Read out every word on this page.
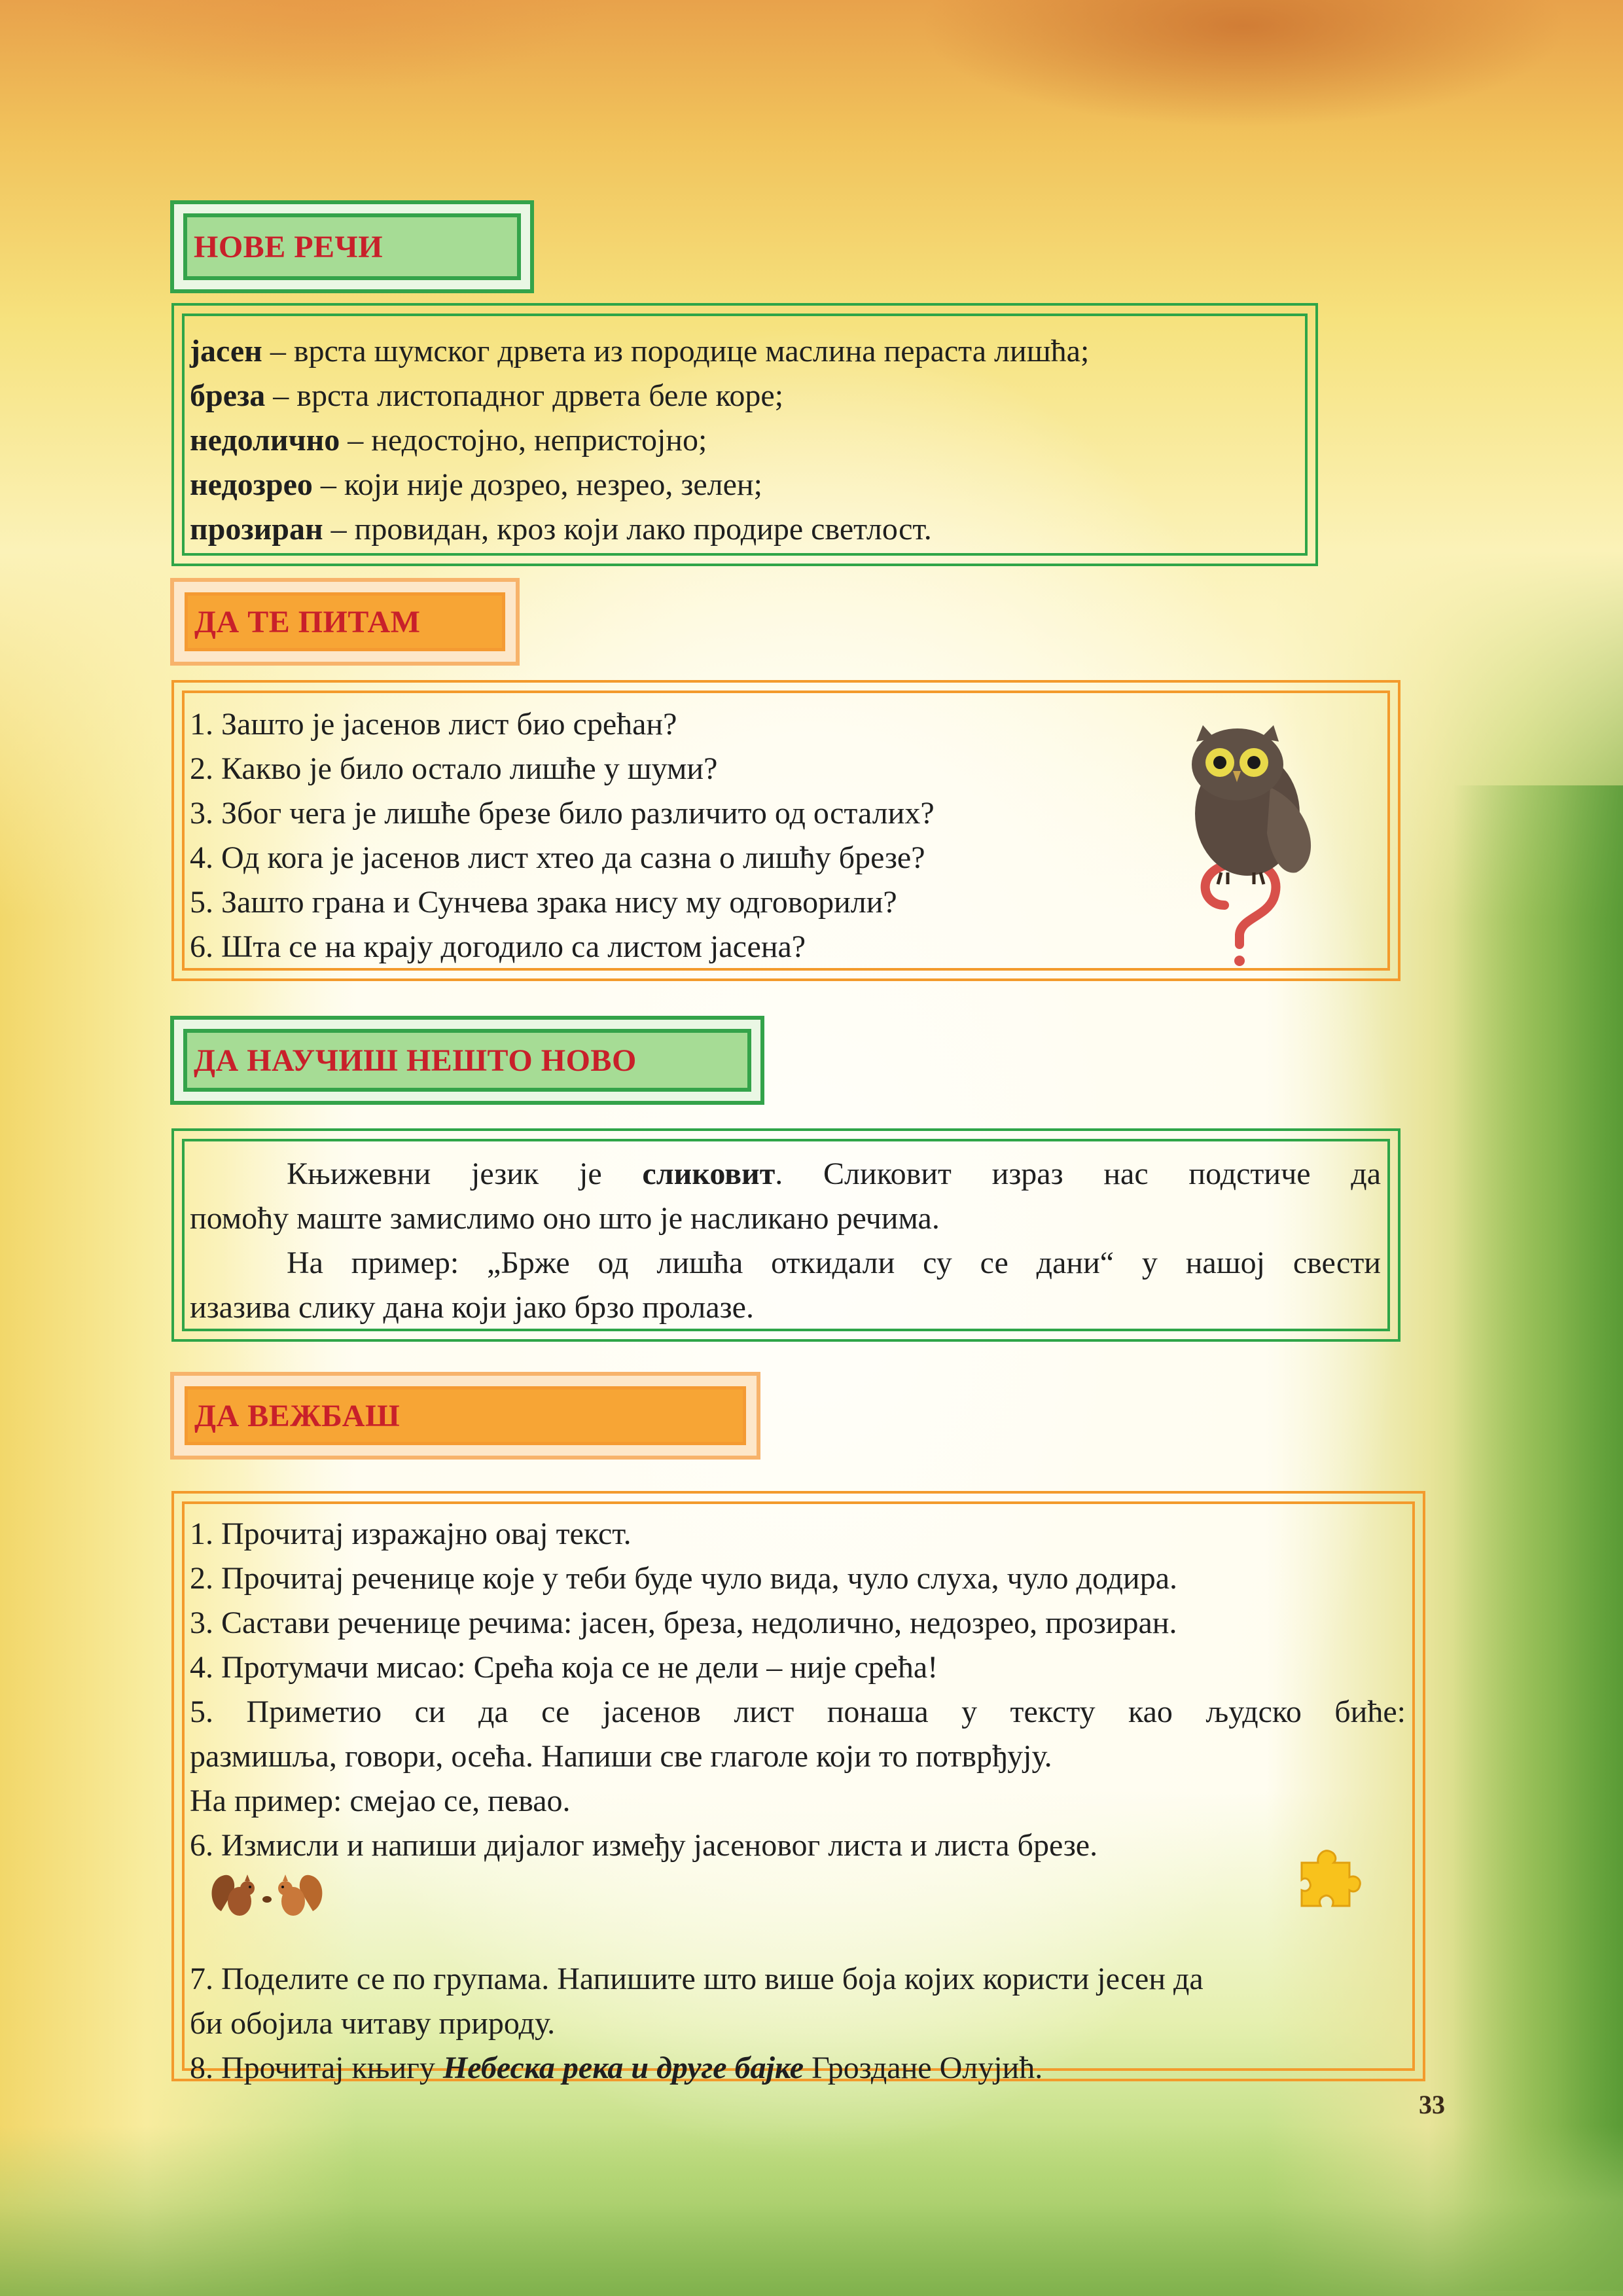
НОВЕ РЕЧИ
јасен – врста шумског дрвета из породице маслина пераста лишћа;
бреза – врста листопадног дрвета беле коре;
недолично – недостојно, непристојно;
недозрео – који није дозрео, незрео, зелен;
прозиран – провидан, кроз који лако продире светлост.
ДА ТЕ ПИТАМ
1. Зашто је јасенов лист био срећан?
2. Какво је било остало лишће у шуми?
3. Због чега је лишће брезе било различито од осталих?
4. Од кога је јасенов лист хтео да сазна о лишћу брезе?
5. Зашто грана и Сунчева зрака нису му одговорили?
6. Шта се на крају догодило са листом јасена?
ДА НАУЧИШ НЕШТО НОВО
Књижевни језик је сликовит. Сликовит израз нас подстиче да
помоћу маште замислимо оно што је насликано речима.
На пример: „Брже од лишћа откидали су се дани“ у нашој свести
изазива слику дана који јако брзо пролазе.
ДА ВЕЖБАШ
1. Прочитај изражајно овај текст.
2. Прочитај реченице које у теби буде чуло вида, чуло слуха, чуло додира.
3. Састави реченице речима: јасен, бреза, недолично, недозрео, прозиран.
4. Протумачи мисао: Срећа која се не дели – није срећа!
5. Приметио си да се јасенов лист понаша у тексту као људско биће:
размишља, говори, осећа. Напиши све глаголе који то потврђују.
На пример: смејао се, певао.
6. Измисли и напиши дијалог између јасеновог листа и листа брезе.
7. Поделите се по групама. Напишите што више боја којих користи јесен да
би обојила читаву природу.
8. Прочитај књигу Небеска река и друге бајке Гроздане Олујић.
33
